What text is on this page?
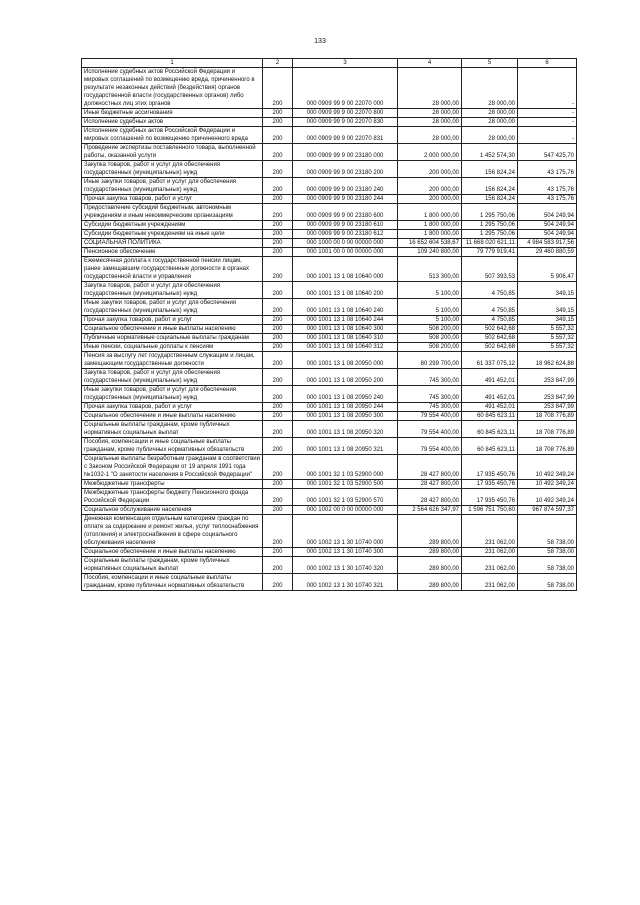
133
1	2	3	4	5	6
Исполнение судебных актов Российской Федерации и мировых соглашений по возмещению вреда, причиненного в результате незаконных действий (бездействия) органов государственной власти (государственных органов) либо должностных лиц этих органов	200	000 0909 99 9 00 22070 000	28 000,00	28 000,00	-
Иные бюджетные ассигнования	200	000 0909 99 9 00 22070 800	28 000,00	28 000,00	-
Исполнение судебных актов	200	000 0909 99 9 00 22070 830	28 000,00	28 000,00	-
Исполнение судебных актов Российской Федерации и мировых соглашений по возмещению причиненного вреда	200	000 0909 99 9 00 22070 831	28 000,00	28 000,00	-
Проведение экспертизы поставленного товара, выполненной работы, оказанной услуги	200	000 0909 99 9 00 23180 000	2 000 000,00	1 452 574,30	547 425,70
Закупка товаров, работ и услуг для обеспечения государственных (муниципальных) нужд	200	000 0909 99 9 00 23180 200	200 000,00	156 824,24	43 175,76
Иные закупки товаров, работ и услуг для обеспечения государственных (муниципальных) нужд	200	000 0909 99 9 00 23180 240	200 000,00	156 824,24	43 175,76
Прочая закупка товаров, работ и услуг	200	000 0909 99 9 00 23180 244	200 000,00	156 824,24	43 175,76
Предоставление субсидий бюджетным, автономным учреждениям и иным некоммерческим организациям	200	000 0909 99 9 00 23180 600	1 800 000,00	1 295 750,06	504 249,94
Субсидии бюджетным учреждениям	200	000 0909 99 9 00 23180 610	1 800 000,00	1 295 750,06	504 249,94
Субсидии бюджетным учреждениям на иные цели	200	000 0909 99 9 00 23180 612	1 800 000,00	1 295 750,06	504 249,94
СОЦИАЛЬНАЯ ПОЛИТИКА	200	000 1000 00 0 00 00000 000	16 652 604 538,67	11 668 020 621,11	4 984 583 917,56
Пенсионное обеспечение	200	000 1001 00 0 00 00000 000	109 240 800,00	79 779 919,41	29 460 880,59
Ежемесячная доплата к государственной пенсии лицам, ранее замещавшим государственные должности в органах государственной власти и управления	200	000 1001 13 1 08 10640 000	513 300,00	507 393,53	5 906,47
Закупка товаров, работ и услуг для обеспечения государственных (муниципальных) нужд	200	000 1001 13 1 08 10640 200	5 100,00	4 750,85	349,15
Иные закупки товаров, работ и услуг для обеспечения государственных (муниципальных) нужд	200	000 1001 13 1 08 10640 240	5 100,00	4 750,85	349,15
Прочая закупка товаров, работ и услуг	200	000 1001 13 1 08 10640 244	5 100,00	4 750,85	349,15
Социальное обеспечение и иные выплаты населению	200	000 1001 13 1 08 10640 300	508 200,00	502 642,68	5 557,32
Публичные нормативные социальные выплаты гражданам	200	000 1001 13 1 08 10640 310	508 200,00	502 642,68	5 557,32
Иные пенсии, социальные доплаты к пенсиям	200	000 1001 13 1 08 10640 312	508 200,00	502 642,68	5 557,32
Пенсия за выслугу лет государственным служащим и лицам, замещающим государственные должности	200	000 1001 13 1 08 20950 000	80 299 700,00	61 337 075,12	18 962 624,88
Закупка товаров, работ и услуг для обеспечения государственных (муниципальных) нужд	200	000 1001 13 1 08 20950 200	745 300,00	491 452,01	253 847,99
Иные закупки товаров, работ и услуг для обеспечения государственных (муниципальных) нужд	200	000 1001 13 1 08 20950 240	745 300,00	491 452,01	253 847,99
Прочая закупка товаров, работ и услуг	200	000 1001 13 1 08 20950 244	745 300,00	491 452,01	253 847,99
Социальное обеспечение и иные выплаты населению	200	000 1001 13 1 08 20950 300	79 554 400,00	60 845 623,11	18 708 776,89
Социальные выплаты гражданам, кроме публичных нормативных социальных выплат	200	000 1001 13 1 08 20950 320	79 554 400,00	60 845 623,11	18 708 776,89
Пособия, компенсации и иные социальные выплаты гражданам, кроме публичных нормативных обязательств	200	000 1001 13 1 08 20950 321	79 554 400,00	60 845 623,11	18 708 776,89
Социальные выплаты безработным гражданам в соответствии с Законом Российской Федерации от 19 апреля 1991 года №1032-1 "О занятости населения в Российской Федерации"	200	000 1001 32 1 03 52900 000	28 427 800,00	17 935 450,76	10 492 349,24
Межбюджетные трансферты	200	000 1001 32 1 03 52900 500	28 427 800,00	17 935 450,76	10 492 349,24
Межбюджетные трансферты бюджету Пенсионного фонда Российской Федерации	200	000 1001 32 1 03 52900 570	28 427 800,00	17 935 450,76	10 492 349,24
Социальное обслуживание населения	200	000 1002 00 0 00 00000 000	2 564 626 347,97	1 596 751 750,60	967 874 597,37
Денежная компенсация отдельным категориям граждан по оплате за содержание и ремонт жилья, услуг теплоснабжения (отопления) и электроснабжения в сфере социального обслуживания населения	200	000 1002 13 1 30 10740 000	289 800,00	231 062,00	58 738,00
Социальное обеспечение и иные выплаты населению	200	000 1002 13 1 30 10740 300	289 800,00	231 062,00	58 738,00
Социальные выплаты гражданам, кроме публичных нормативных социальных выплат	200	000 1002 13 1 30 10740 320	289 800,00	231 062,00	58 738,00
Пособия, компенсации и иные социальные выплаты гражданам, кроме публичных нормативных обязательств	200	000 1002 13 1 30 10740 321	289 800,00	231 062,00	58 738,00
